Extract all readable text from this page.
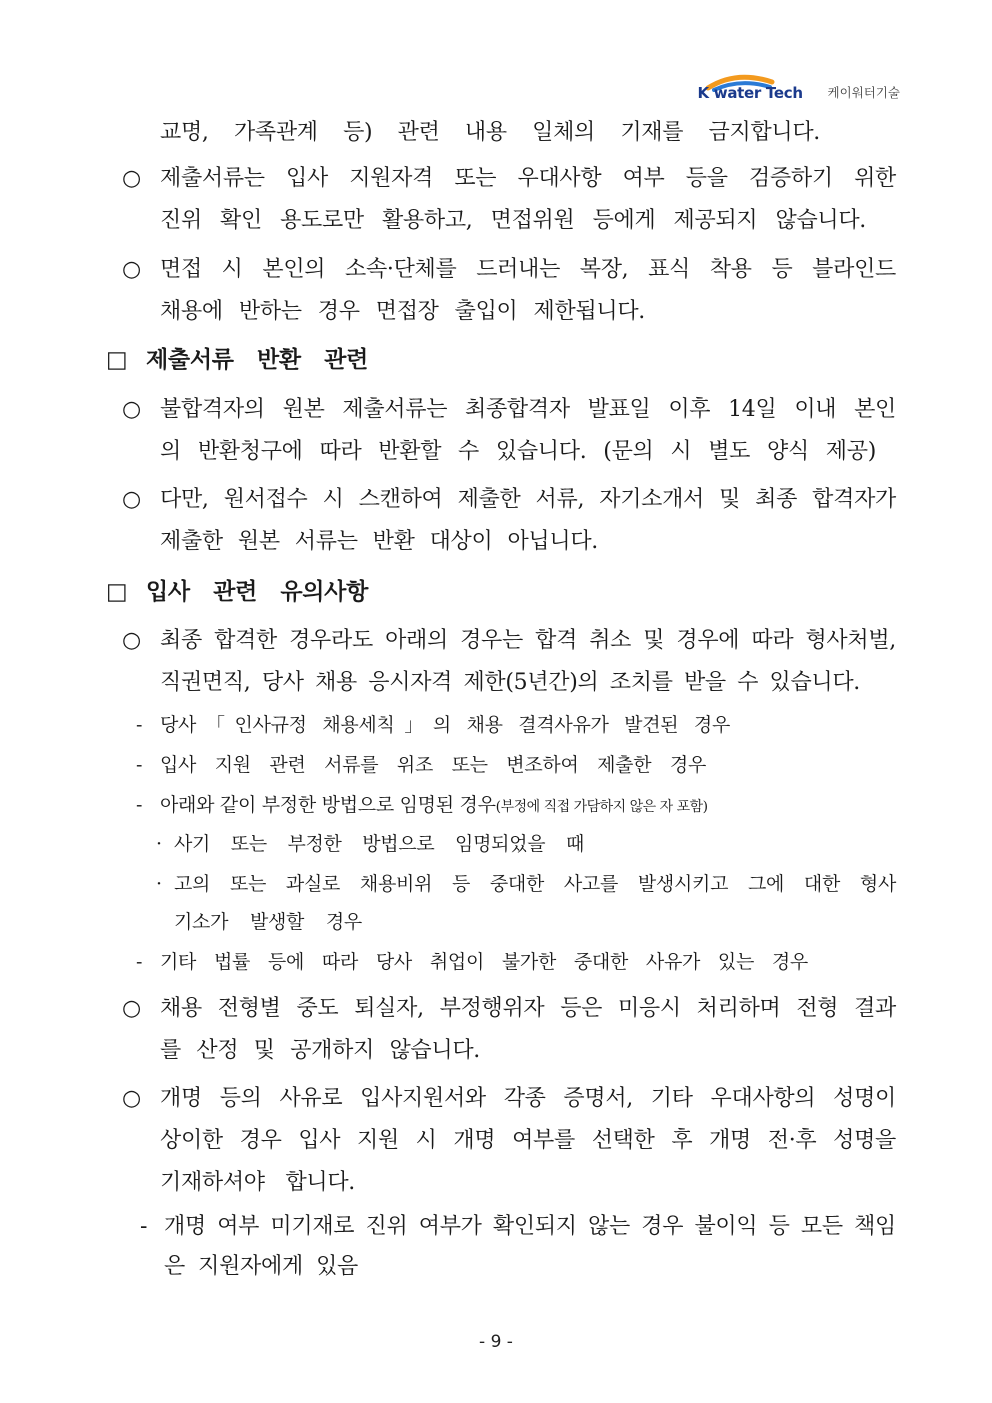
K water Tech 케이워터기술
교명, 가족관계 등) 관련 내용 일체의 기재를 금지합니다.
○ 제출서류는 입사 지원자격 또는 우대사항 여부 등을 검증하기 위한
진위 확인 용도로만 활용하고, 면접위원 등에게 제공되지 않습니다.
○ 면접 시 본인의 소속·단체를 드러내는 복장, 표식 착용 등 블라인드
채용에 반하는 경우 면접장 출입이 제한됩니다.
□ 제출서류 반환 관련
○ 불합격자의 원본 제출서류는 최종합격자 발표일 이후 14일 이내 본인
의 반환청구에 따라 반환할 수 있습니다. (문의 시 별도 양식 제공)
○ 다만, 원서접수 시 스캔하여 제출한 서류, 자기소개서 및 최종 합격자가
제출한 원본 서류는 반환 대상이 아닙니다.
□ 입사 관련 유의사항
○ 최종 합격한 경우라도 아래의 경우는 합격 취소 및 경우에 따라 형사처벌,
직권면직, 당사 채용 응시자격 제한(5년간)의 조치를 받을 수 있습니다.
- 당사「인사규정 채용세칙」의 채용 결격사유가 발견된 경우
- 입사 지원 관련 서류를 위조 또는 변조하여 제출한 경우
- 아래와 같이 부정한 방법으로 임명된 경우(부정에 직접 가담하지 않은 자 포함)
· 사기 또는 부정한 방법으로 임명되었을 때
· 고의 또는 과실로 채용비위 등 중대한 사고를 발생시키고 그에 대한 형사
기소가 발생할 경우
- 기타 법률 등에 따라 당사 취업이 불가한 중대한 사유가 있는 경우
○ 채용 전형별 중도 퇴실자, 부정행위자 등은 미응시 처리하며 전형 결과
를 산정 및 공개하지 않습니다.
○ 개명 등의 사유로 입사지원서와 각종 증명서, 기타 우대사항의 성명이
상이한 경우 입사 지원 시 개명 여부를 선택한 후 개명 전·후 성명을
기재하셔야 합니다.
- 개명 여부 미기재로 진위 여부가 확인되지 않는 경우 불이익 등 모든 책임
은 지원자에게 있음
- 9 -
